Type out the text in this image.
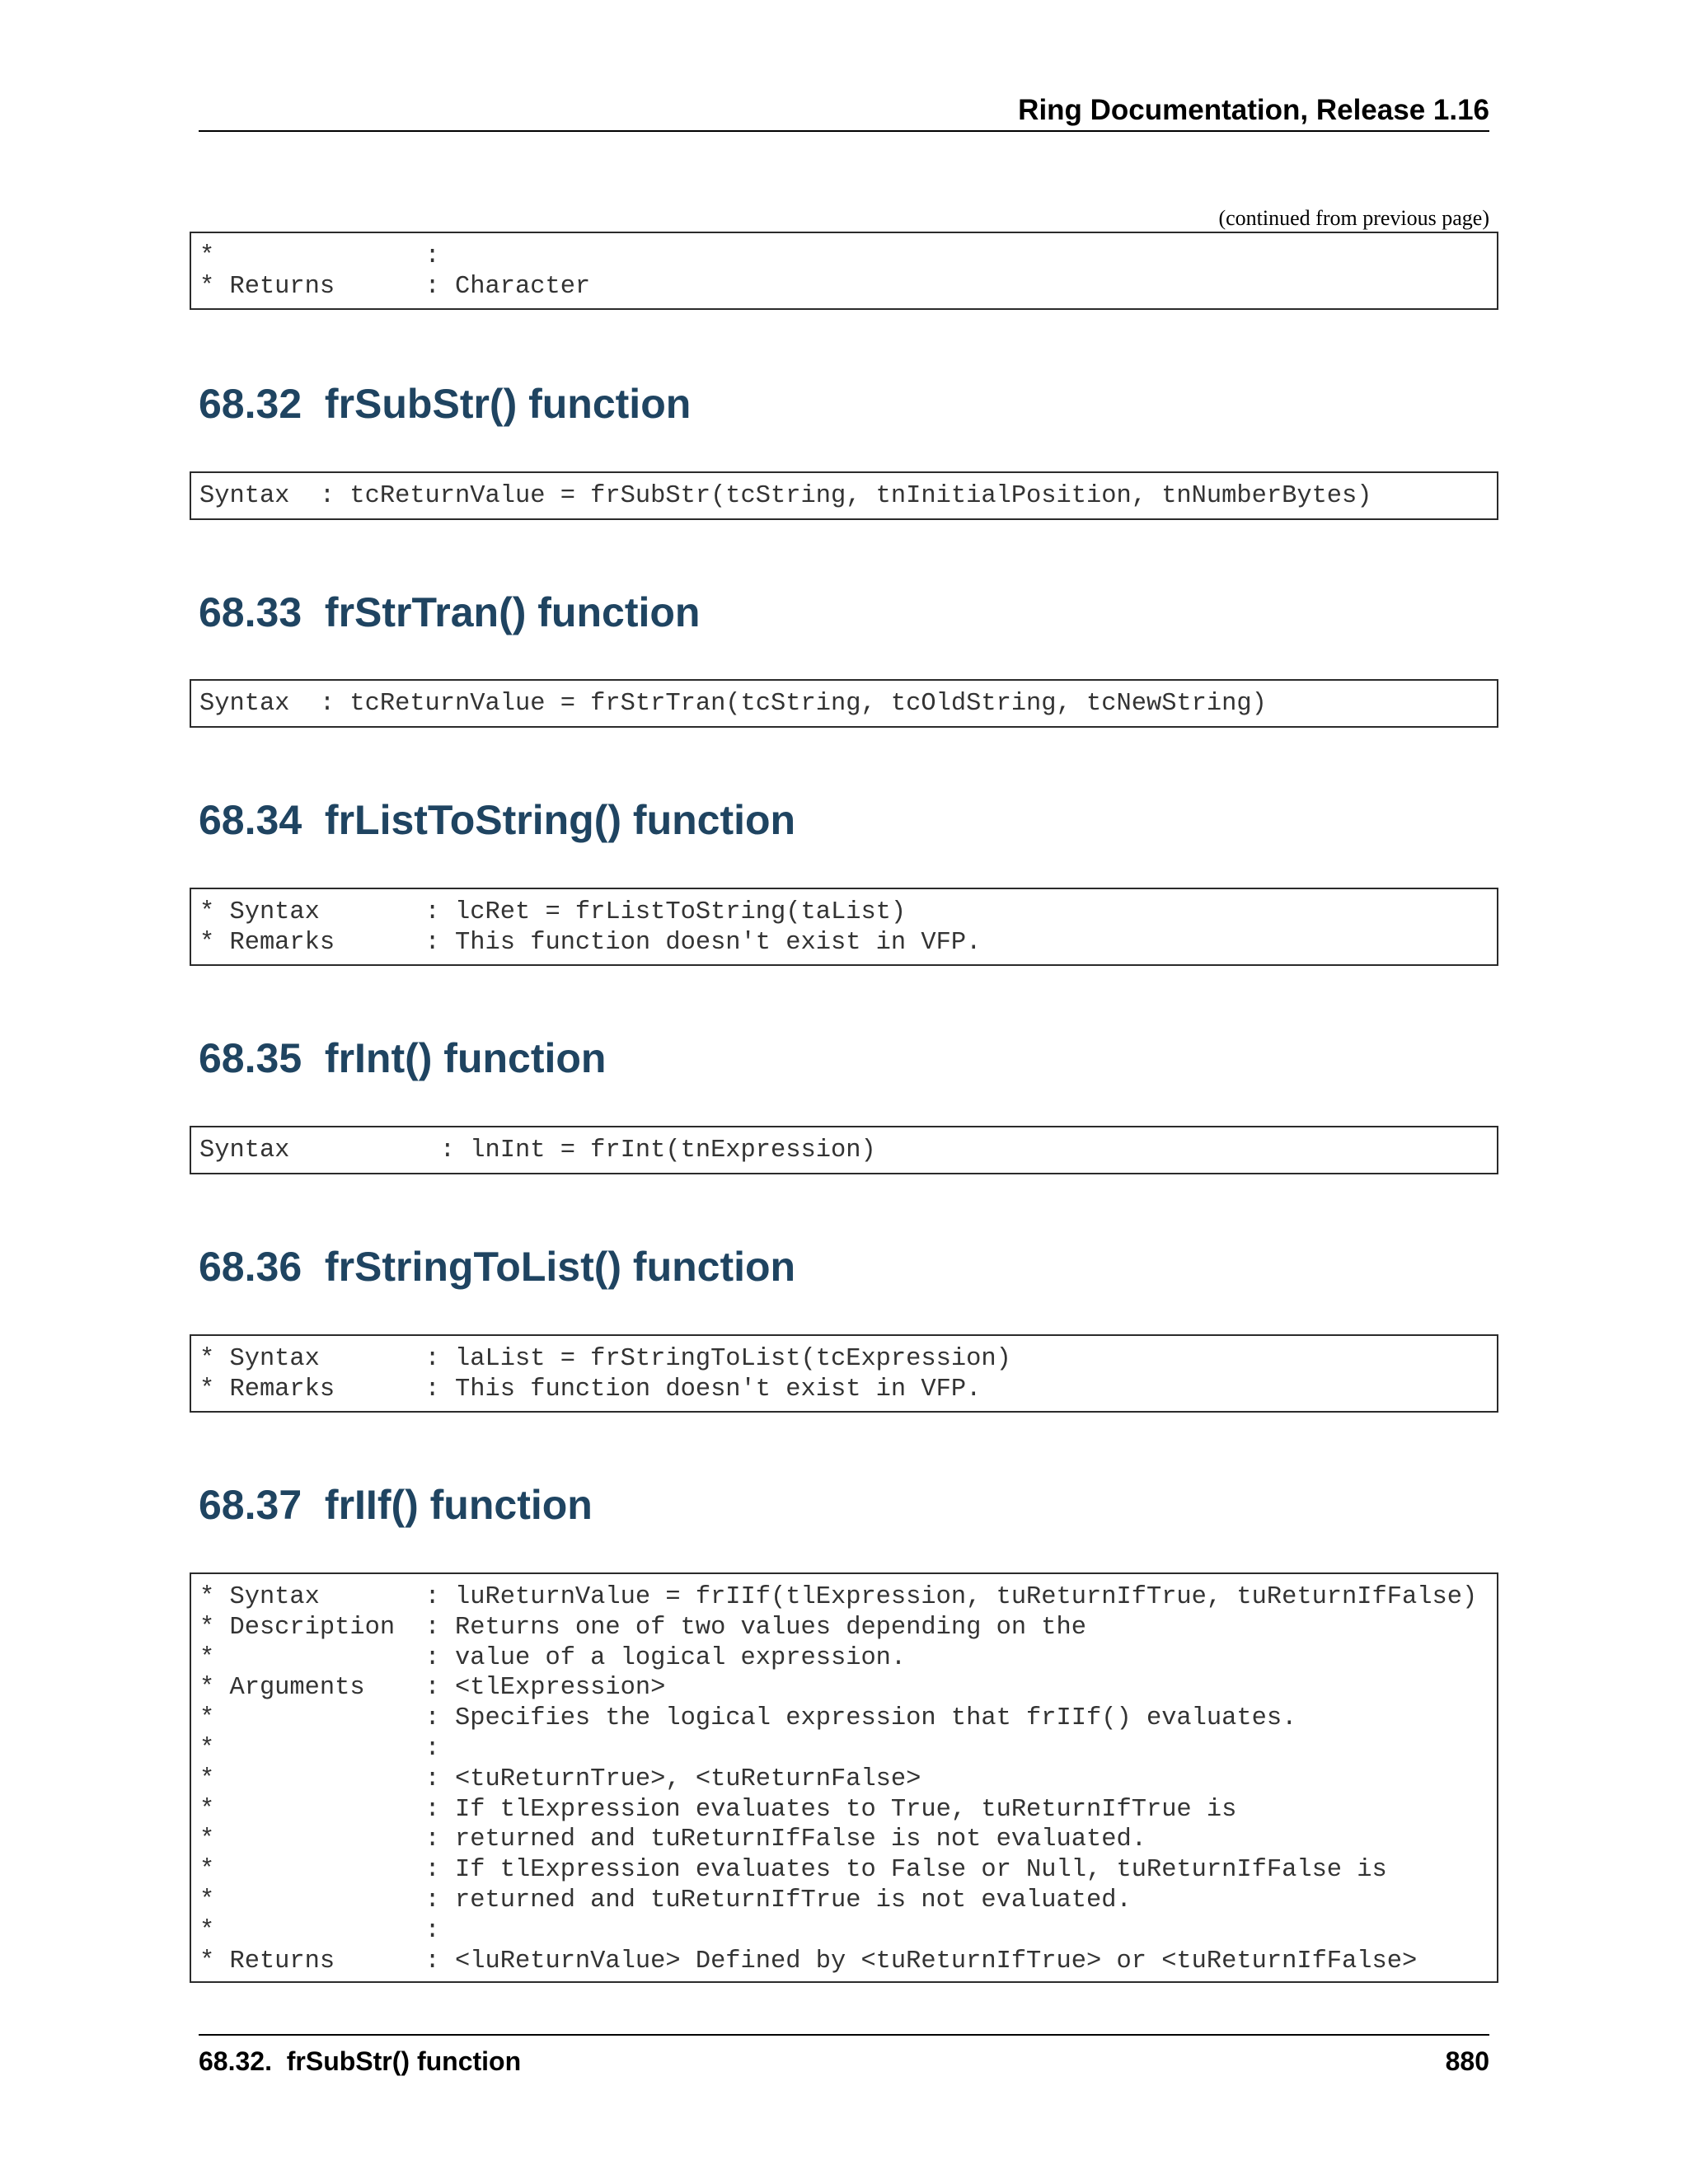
Ring Documentation, Release 1.16
(continued from previous page)
*              :
* Returns      : Character
68.32 frSubStr() function
Syntax  : tcReturnValue = frSubStr(tcString, tnInitialPosition, tnNumberBytes)
68.33 frStrTran() function
Syntax  : tcReturnValue = frStrTran(tcString, tcOldString, tcNewString)
68.34 frListToString() function
* Syntax       : lcRet = frListToString(taList)
* Remarks      : This function doesn't exist in VFP.
68.35 frInt() function
Syntax          : lnInt = frInt(tnExpression)
68.36 frStringToList() function
* Syntax       : laList = frStringToList(tcExpression)
* Remarks      : This function doesn't exist in VFP.
68.37 frIIf() function
* Syntax       : luReturnValue = frIIf(tlExpression, tuReturnIfTrue, tuReturnIfFalse)
* Description  : Returns one of two values depending on the
*              : value of a logical expression.
* Arguments    : <tlExpression>
*              : Specifies the logical expression that frIIf() evaluates.
*              :
*              : <tuReturnTrue>, <tuReturnFalse>
*              : If tlExpression evaluates to True, tuReturnIfTrue is
*              : returned and tuReturnIfFalse is not evaluated.
*              : If tlExpression evaluates to False or Null, tuReturnIfFalse is
*              : returned and tuReturnIfTrue is not evaluated.
*              :
* Returns      : <luReturnValue> Defined by <tuReturnIfTrue> or <tuReturnIfFalse>
68.32.  frSubStr() function	880
